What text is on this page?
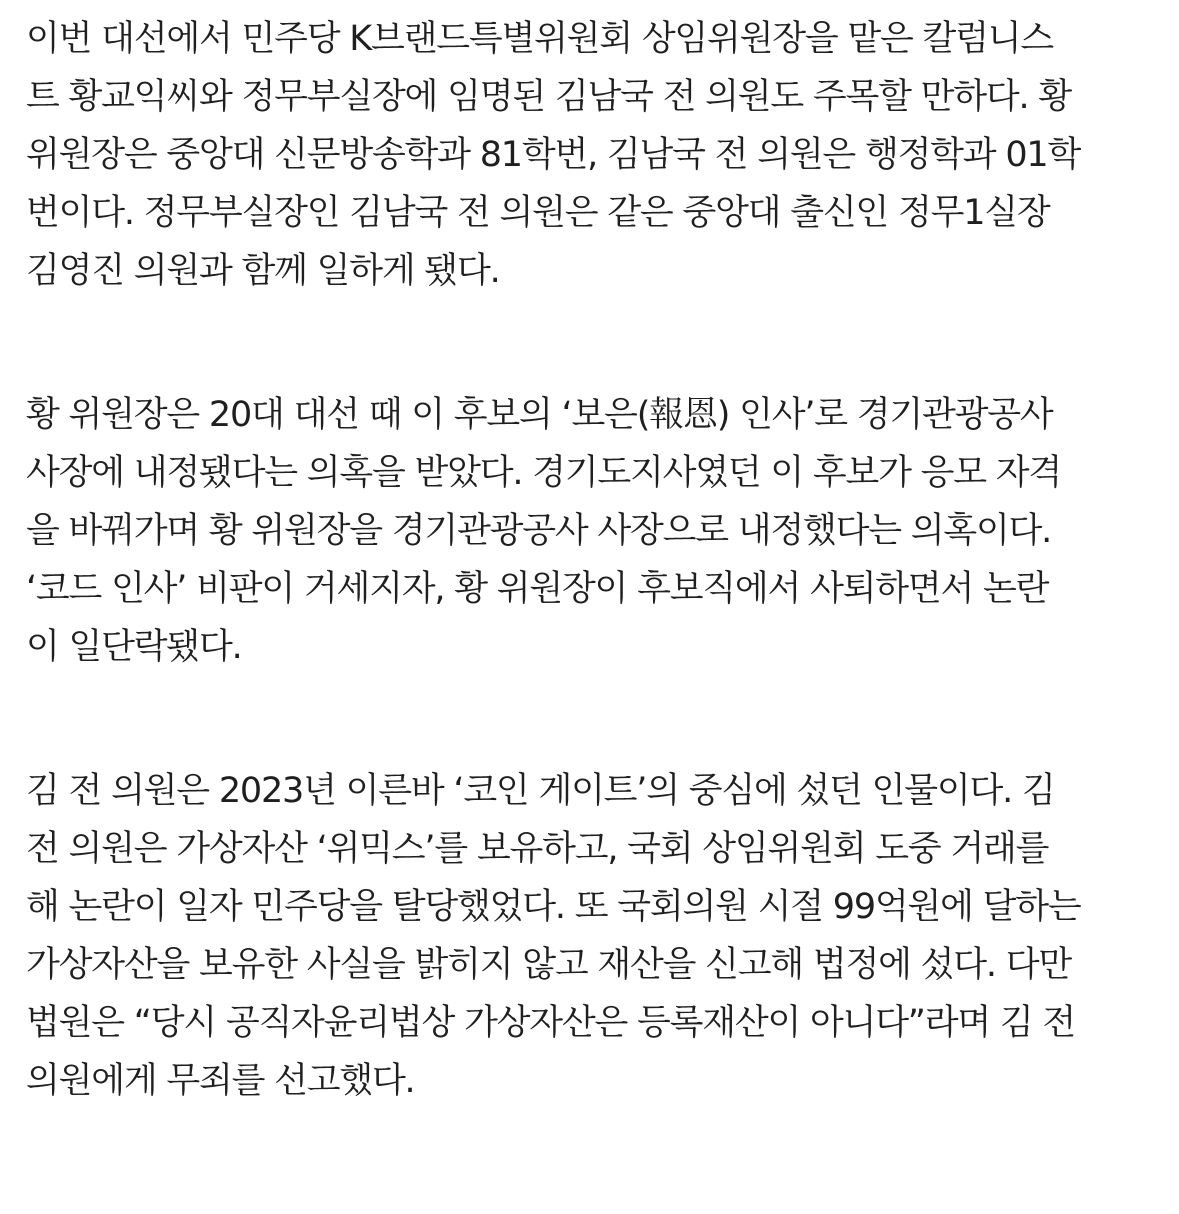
이번 대선에서 민주당 K브랜드특별위원회 상임위원장을 맡은 칼럼니스
트 황교익씨와 정무부실장에 임명된 김남국 전 의원도 주목할 만하다. 황
위원장은 중앙대 신문방송학과 81학번, 김남국 전 의원은 행정학과 01학
번이다. 정무부실장인 김남국 전 의원은 같은 중앙대 출신인 정무1실장
김영진 의원과 함께 일하게 됐다.
황 위원장은 20대 대선 때 이 후보의 ‘보은(報恩) 인사’로 경기관광공사
사장에 내정됐다는 의혹을 받았다. 경기도지사였던 이 후보가 응모 자격
을 바꿔가며 황 위원장을 경기관광공사 사장으로 내정했다는 의혹이다.
‘코드 인사’ 비판이 거세지자, 황 위원장이 후보직에서 사퇴하면서 논란
이 일단락됐다.
김 전 의원은 2023년 이른바 ‘코인 게이트’의 중심에 섰던 인물이다. 김
전 의원은 가상자산 ‘위믹스’를 보유하고, 국회 상임위원회 도중 거래를
해 논란이 일자 민주당을 탈당했었다. 또 국회의원 시절 99억원에 달하는
가상자산을 보유한 사실을 밝히지 않고 재산을 신고해 법정에 섰다. 다만
법원은 “당시 공직자윤리법상 가상자산은 등록재산이 아니다”라며 김 전
의원에게 무죄를 선고했다.
